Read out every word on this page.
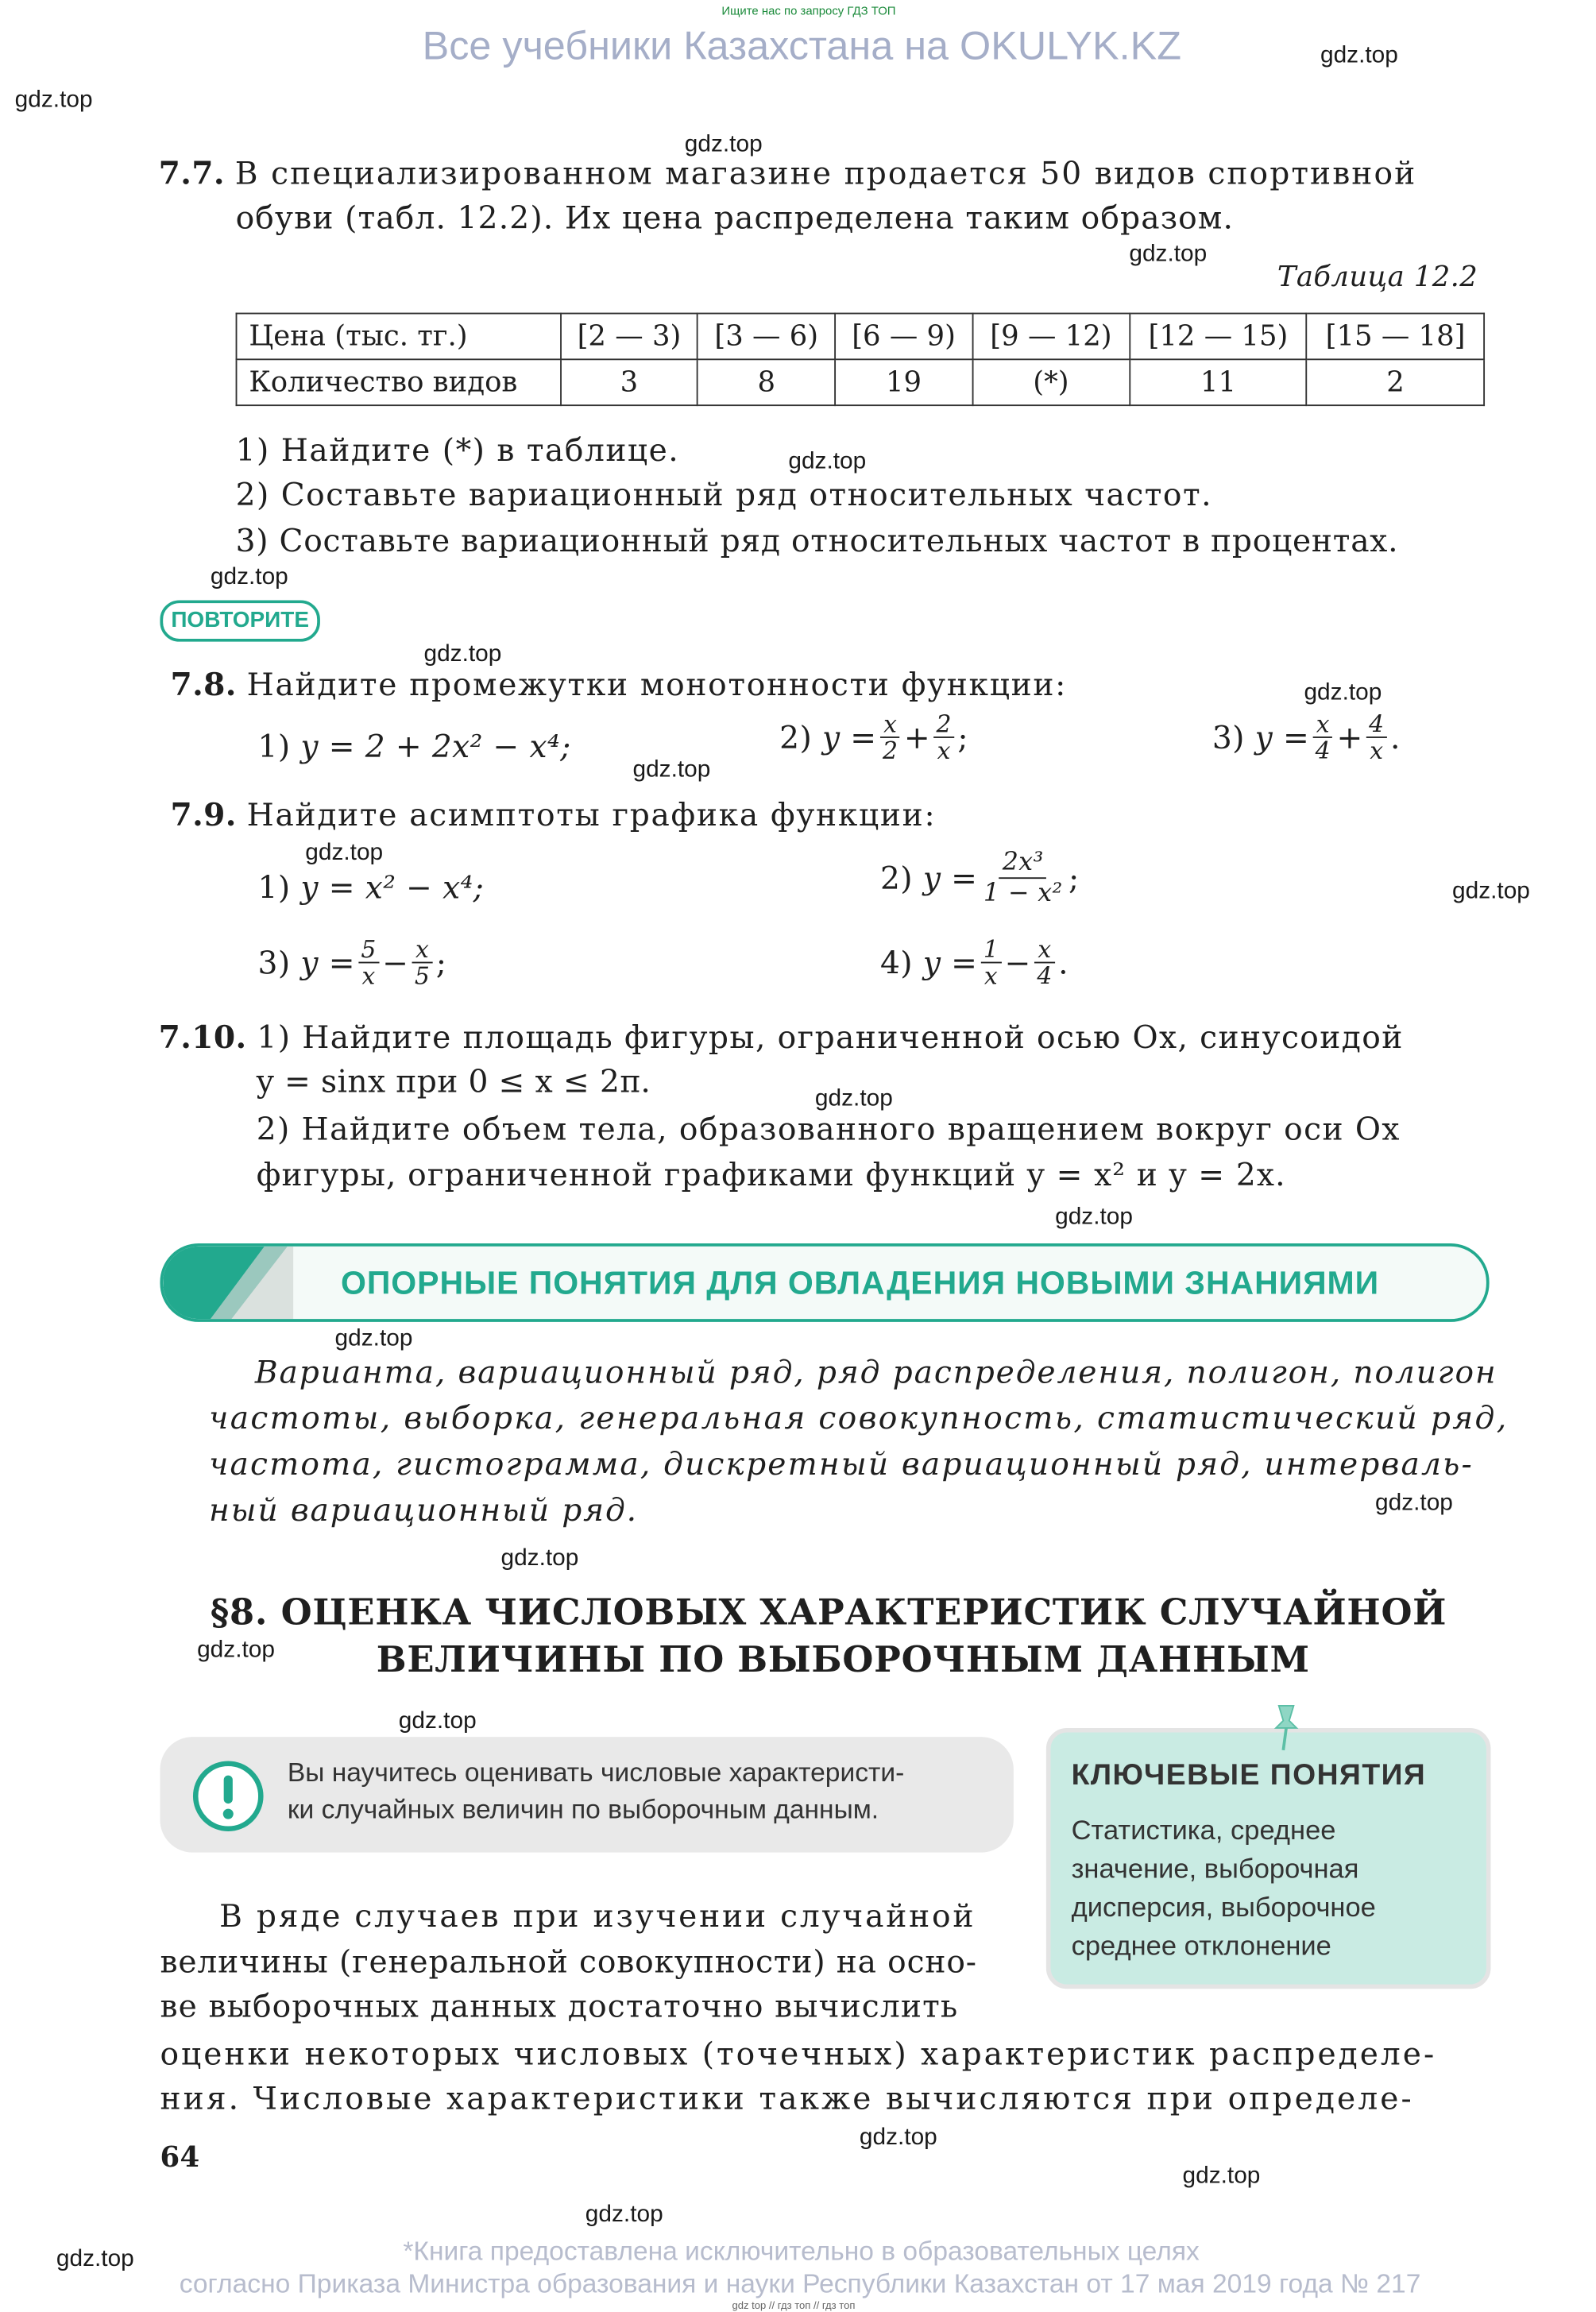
Ищите нас по запросу ГДЗ ТОП
Все учебники Казахстана на OKULYK.KZ	gdz.top
gdz.top
gdz.top
gdz.top
gdz.top
gdz.top
gdz.top
gdz.top
gdz.top
gdz.top
gdz.top
gdz.top
gdz.top
gdz.top
gdz.top
gdz.top
gdz.top
gdz.top
gdz.top
gdz.top
gdz.top
gdz.top
7.7. В специализированном магазине продается 50 видов спортивной
обуви (табл. 12.2). Их цена распределена таким образом.
Таблица 12.2
Цена (тыс. тг.)	[2 — 3)	[3 — 6)	[6 — 9)	[9 — 12)	[12 — 15)	[15 — 18]
Количество видов	3	8	19	(*)	11	2
1) Найдите (*) в таблице.
2) Составьте вариационный ряд относительных частот.
3) Составьте вариационный ряд относительных частот в процентах.
ПОВТОРИТЕ
7.8. Найдите промежутки монотонности функции:
1) y = 2 + 2x² − x⁴;	2)
$y = \frac{x}{2} + \frac{2}{x}$ ;	3)
$y = \frac{x}{4} + \frac{4}{x}$ .
7.9. Найдите асимптоты графика функции:
1) y = x² − x⁴;	2)
$y = \frac{\text{2x³}}{\text{1 − x²}}$ ;
3)
$y = \frac{5}{x} - \frac{x}{5}$ ;	4)
$y = \frac{1}{x} - \frac{x}{4}$ .
7.10. 1) Найдите площадь фигуры, ограниченной осью Ox, синусоидой
y = sinx при 0 ≤ x ≤ 2π.
2) Найдите объем тела, образованного вращением вокруг оси Ox
фигуры, ограниченной графиками функций y = x² и y = 2x.
ОПОРНЫЕ ПОНЯТИЯ ДЛЯ ОВЛАДЕНИЯ НОВЫМИ ЗНАНИЯМИ
Варианта, вариационный ряд, ряд распределения, полигон, полигон
частоты, выборка, генеральная совокупность, статистический ряд,
частота, гистограмма, дискретный вариационный ряд, интерваль-
ный вариационный ряд.
§8. ОЦЕНКА ЧИСЛОВЫХ ХАРАКТЕРИСТИК СЛУЧАЙНОЙ
ВЕЛИЧИНЫ ПО ВЫБОРОЧНЫМ ДАННЫМ
Вы научитесь оценивать числовые характеристи-
ки случайных величин по выборочным данным.
КЛЮЧЕВЫЕ ПОНЯТИЯ
Статистика, среднее
значение, выборочная
дисперсия, выборочное
среднее отклонение
В ряде случаев при изучении случайной
величины (генеральной совокупности) на осно-
ве выборочных данных достаточно вычислить
оценки некоторых числовых (точечных) характеристик распределе-
ния. Числовые характеристики также вычисляются при определе-
64
*Книга предоставлена исключительно в образовательных целях
согласно Приказа Министра образования и науки Республики Казахстан от 17 мая 2019 года № 217
gdz top // гдз топ // гдз топ
